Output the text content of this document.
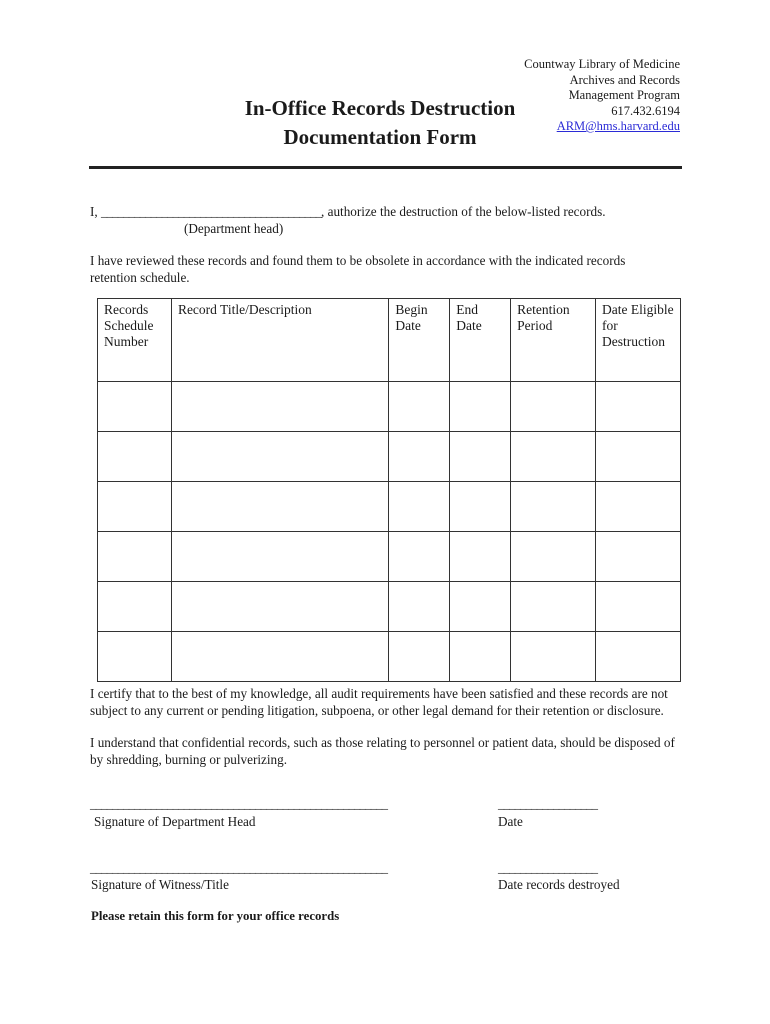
Countway Library of Medicine
Archives and Records
Management Program
617.432.6194
ARM@hms.harvard.edu
In-Office Records Destruction
Documentation Form
I, ________________________________________, authorize the destruction of the below-listed records.
(Department head)
I have reviewed these records and found them to be obsolete in accordance with the indicated records retention schedule.
Records Schedule Number	Record Title/Description	Begin Date	End Date	Retention Period	Date Eligible for Destruction

I certify that to the best of my knowledge, all audit requirements have been satisfied and these records are not subject to any current or pending litigation, subpoena, or other legal demand for their retention or disclosure.
I understand that confidential records, such as those relating to personnel or patient data, should be disposed of by shredding, burning or pulverizing.
______________________________________________________	__________________
Signature of Department Head	Date
______________________________________________________	__________________
Signature of Witness/Title	Date records destroyed
Please retain this form for your office records
